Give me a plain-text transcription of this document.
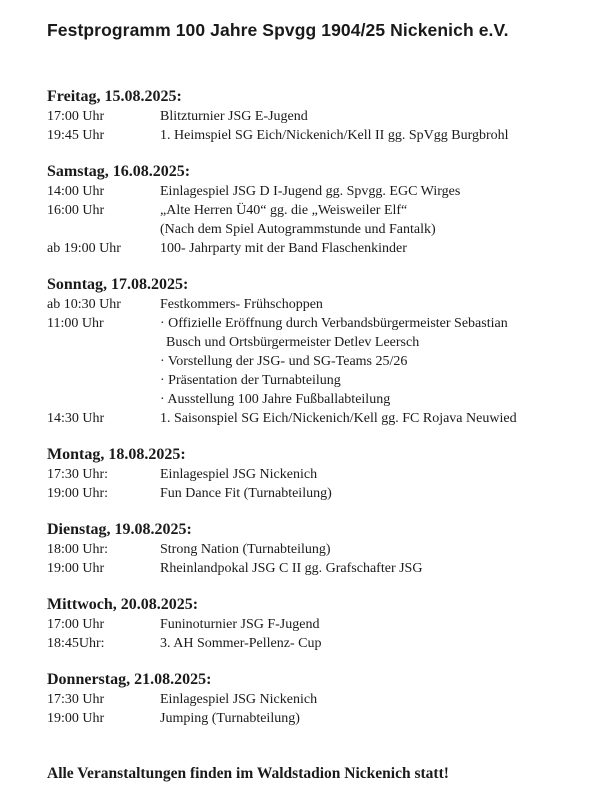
Festprogramm 100 Jahre Spvgg 1904/25 Nickenich e.V.
Freitag, 15.08.2025:
17:00 Uhr	Blitzturnier JSG E-Jugend
19:45 Uhr	1. Heimspiel SG Eich/Nickenich/Kell II gg. SpVgg Burgbrohl
Samstag, 16.08.2025:
14:00 Uhr	Einlagespiel JSG D I-Jugend gg. Spvgg. EGC Wirges
16:00 Uhr	„Alte Herren Ü40“ gg. die „Weisweiler Elf“
(Nach dem Spiel Autogrammstunde und Fantalk)
ab 19:00 Uhr	100- Jahrparty mit der Band Flaschenkinder
Sonntag, 17.08.2025:
ab 10:30 Uhr	Festkommers- Frühschoppen
11:00 Uhr	· Offizielle Eröffnung durch Verbandsbürgermeister Sebastian
Busch und Ortsbürgermeister Detlev Leersch
· Vorstellung der JSG- und SG-Teams 25/26
· Präsentation der Turnabteilung
· Ausstellung 100 Jahre Fußballabteilung
14:30 Uhr	1. Saisonspiel SG Eich/Nickenich/Kell gg. FC Rojava Neuwied
Montag, 18.08.2025:
17:30 Uhr:	Einlagespiel JSG Nickenich
19:00 Uhr:	Fun Dance Fit (Turnabteilung)
Dienstag, 19.08.2025:
18:00 Uhr:	Strong Nation (Turnabteilung)
19:00 Uhr	Rheinlandpokal JSG C II gg. Grafschafter JSG
Mittwoch, 20.08.2025:
17:00 Uhr	Funinoturnier JSG F-Jugend
18:45Uhr:	3. AH Sommer-Pellenz- Cup
Donnerstag, 21.08.2025:
17:30 Uhr	Einlagespiel JSG Nickenich
19:00 Uhr	Jumping (Turnabteilung)
Alle Veranstaltungen finden im Waldstadion Nickenich statt!
